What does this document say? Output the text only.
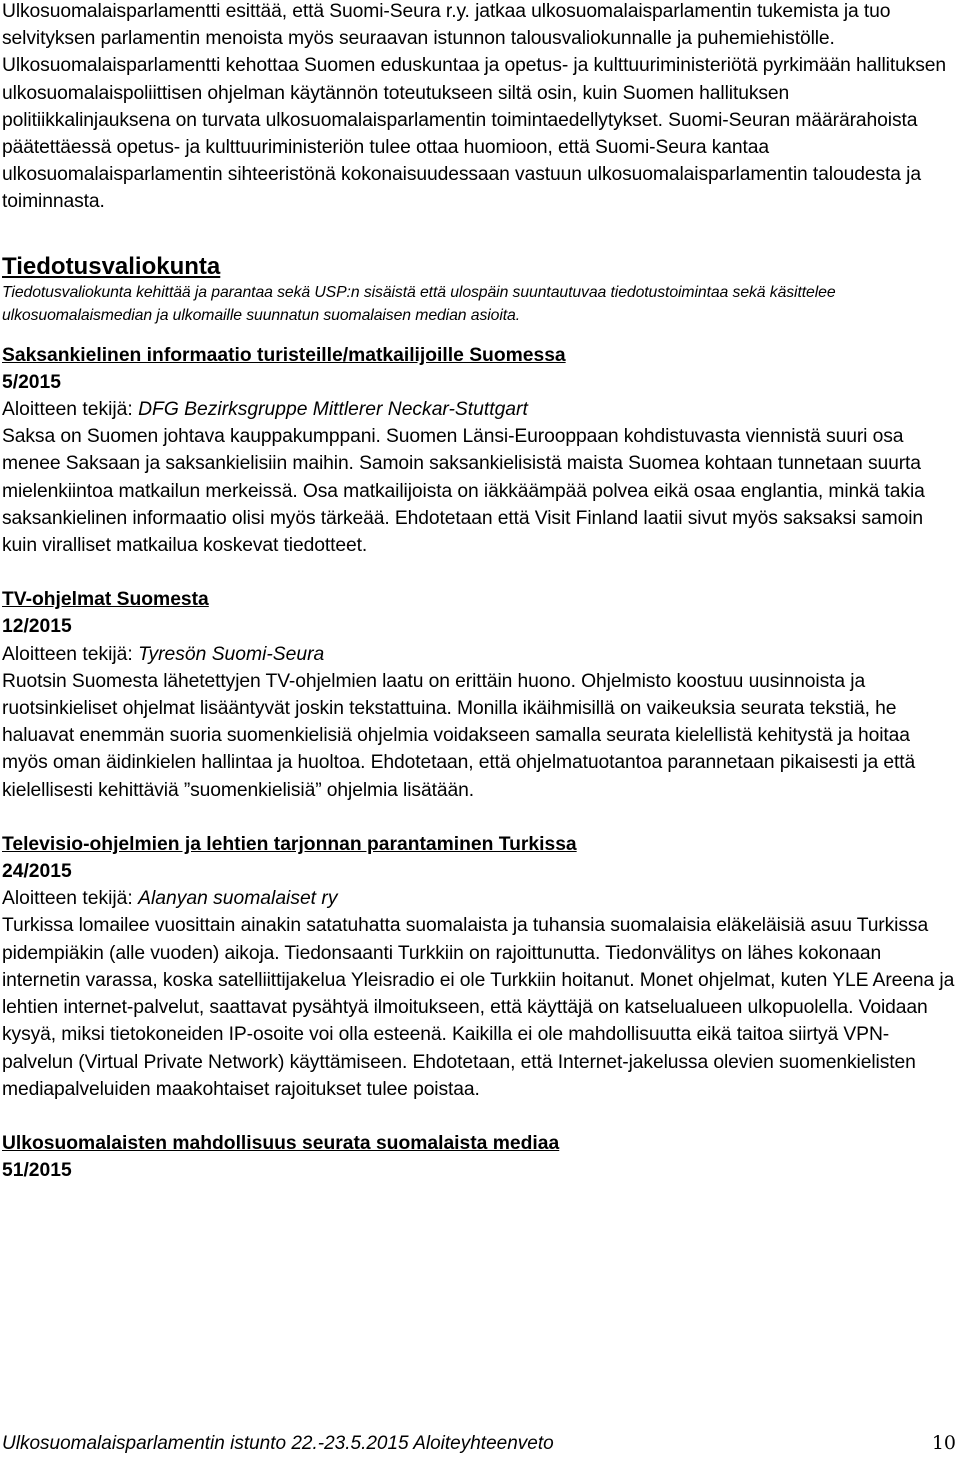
Ulkosuomalaisparlamentti esittää, että Suomi-Seura r.y. jatkaa ulkosuomalaisparlamentin tukemista ja tuo selvityksen parlamentin menoista myös seuraavan istunnon talousvaliokunnalle ja puhemiehistölle. Ulkosuomalaisparlamentti kehottaa Suomen eduskuntaa ja opetus- ja kulttuuriministeriötä pyrkimään hallituksen ulkosuomalaispoliittisen ohjelman käytännön toteutukseen siltä osin, kuin Suomen hallituksen politiikkalinjauksena on turvata ulkosuomalaisparlamentin toimintaedellytykset. Suomi-Seuran määrärahoista päätettäessä opetus- ja kulttuuriministeriön tulee ottaa huomioon, että Suomi-Seura kantaa ulkosuomalaisparlamentin sihteeristönä kokonaisuudessaan vastuun ulkosuomalaisparlamentin taloudesta ja toiminnasta.

Tiedotusvaliokunta

Tiedotusvaliokunta kehittää ja parantaa sekä USP:n sisäistä että ulospäin suuntautuvaa tiedotustoimintaa sekä käsittelee ulkosuomalaismedian ja ulkomaille suunnatun suomalaisen median asioita.

Saksankielinen informaatio turisteille/matkailijoille Suomessa
5/2015
Aloitteen tekijä: DFG Bezirksgruppe Mittlerer Neckar-Stuttgart

Saksa on Suomen johtava kauppakumppani. Suomen Länsi-Eurooppaan kohdistuvasta viennistä suuri osa menee Saksaan ja saksankielisiin maihin. Samoin saksankielisistä maista Suomea kohtaan tunnetaan suurta mielenkiintoa matkailun merkeissä. Osa matkailijoista on iäkkäämpää polvea eikä osaa englantia, minkä takia saksankielinen informaatio olisi myös tärkeää. Ehdotetaan että Visit Finland laatii sivut myös saksaksi samoin kuin viralliset matkailua koskevat tiedotteet.

TV-ohjelmat Suomesta
12/2015
Aloitteen tekijä: Tyresön Suomi-Seura

Ruotsin Suomesta lähetettyjen TV-ohjelmien laatu on erittäin huono. Ohjelmisto koostuu uusinnoista ja ruotsinkieliset ohjelmat lisääntyvät joskin tekstattuina. Monilla ikäihmisillä on vaikeuksia seurata tekstiä, he haluavat enemmän suoria suomenkielisiä ohjelmia voidakseen samalla seurata kielellistä kehitystä ja hoitaa myös oman äidinkielen hallintaa ja huoltoa. Ehdotetaan, että ohjelmatuotantoa parannetaan pikaisesti ja että kielellisesti kehittäviä ”suomenkielisiä” ohjelmia lisätään.

Televisio-ohjelmien ja lehtien tarjonnan parantaminen Turkissa
24/2015
Aloitteen tekijä: Alanyan suomalaiset ry

Turkissa lomailee vuosittain ainakin satatuhatta suomalaista ja tuhansia suomalaisia eläkeläisiä asuu Turkissa pidempiäkin (alle vuoden) aikoja. Tiedonsaanti Turkkiin on rajoittunutta. Tiedonvälitys on lähes kokonaan internetin varassa, koska satelliittijakelua Yleisradio ei ole Turkkiin hoitanut. Monet ohjelmat, kuten YLE Areena ja lehtien internet-palvelut, saattavat pysähtyä ilmoitukseen, että käyttäjä on katselualueen ulkopuolella. Voidaan kysyä, miksi tietokoneiden IP-osoite voi olla esteenä. Kaikilla ei ole mahdollisuutta eikä taitoa siirtyä VPN-palvelun (Virtual Private Network) käyttämiseen. Ehdotetaan, että Internet-jakelussa olevien suomenkielisten mediapalveluiden maakohtaiset rajoitukset tulee poistaa.

Ulkosuomalaisten mahdollisuus seurata suomalaista mediaa
51/2015
Ulkosuomalaisparlamentin istunto 22.-23.5.2015 Aloiteyhteenveto	10
